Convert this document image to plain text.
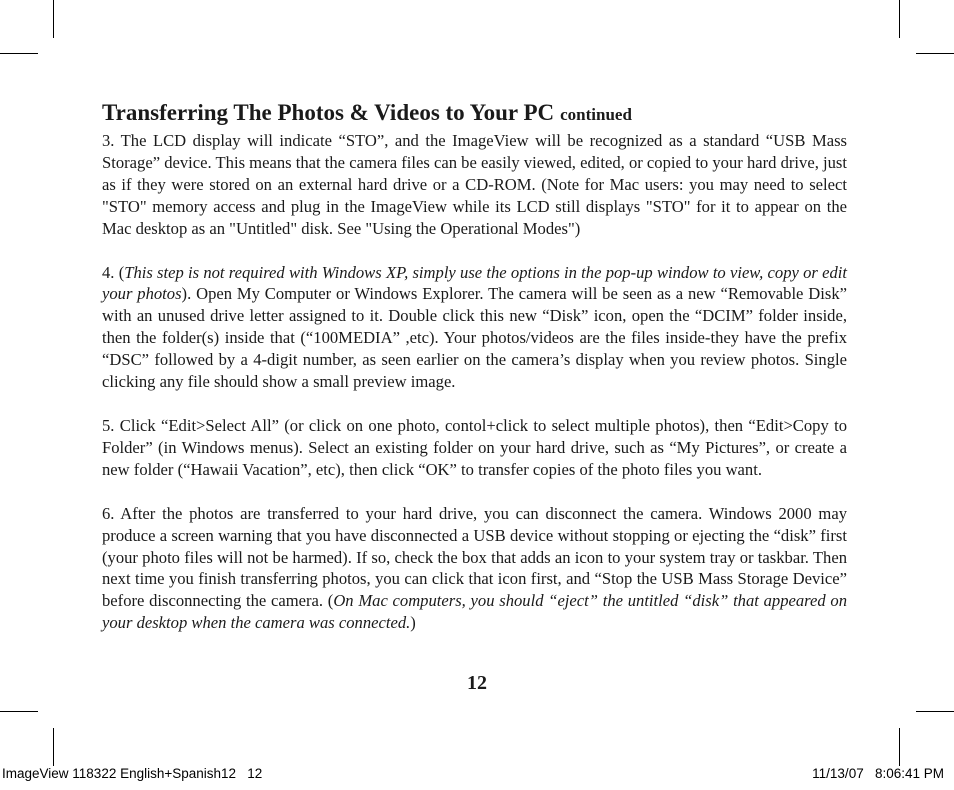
Transferring The Photos & Videos to Your PC continued

3. The LCD display will indicate “STO”, and the ImageView will be recognized as a standard “USB Mass Storage” device. This means that the camera files can be easily viewed, edited, or copied to your hard drive, just as if they were stored on an external hard drive or a CD-ROM. (Note for Mac users: you may need to select "STO" memory access and plug in the ImageView while its LCD still displays "STO" for it to appear on the Mac desktop as an "Untitled" disk. See "Using the Operational Modes")

4. (This step is not required with Windows XP, simply use the options in the pop-up window to view, copy or edit your photos). Open My Computer or Windows Explorer. The camera will be seen as a new “Removable Disk” with an unused drive letter assigned to it. Double click this new “Disk” icon, open the “DCIM” folder inside, then the folder(s) inside that (“100MEDIA” ,etc). Your photos/videos are the files inside-they have the prefix “DSC” followed by a 4-digit number, as seen earlier on the camera’s display when you review photos. Single clicking any file should show a small preview image.

5. Click “Edit>Select All” (or click on one photo, contol+click to select multiple photos), then “Edit>Copy to Folder” (in Windows menus). Select an existing folder on your hard drive, such as “My Pictures”, or create a new folder (“Hawaii Vacation”, etc), then click “OK” to transfer copies of the photo files you want.

6. After the photos are transferred to your hard drive, you can disconnect the camera. Windows 2000 may produce a screen warning that you have disconnected a USB device without stopping or ejecting the “disk” first (your photo files will not be harmed). If so, check the box that adds an icon to your system tray or taskbar. Then next time you finish transferring photos, you can click that icon first, and “Stop the USB Mass Storage Device” before disconnecting the camera. (On Mac computers, you should “eject” the untitled “disk” that appeared on your desktop when the camera was connected.)

12
ImageView 118322 English+Spanish12   12	11/13/07   8:06:41 PM
